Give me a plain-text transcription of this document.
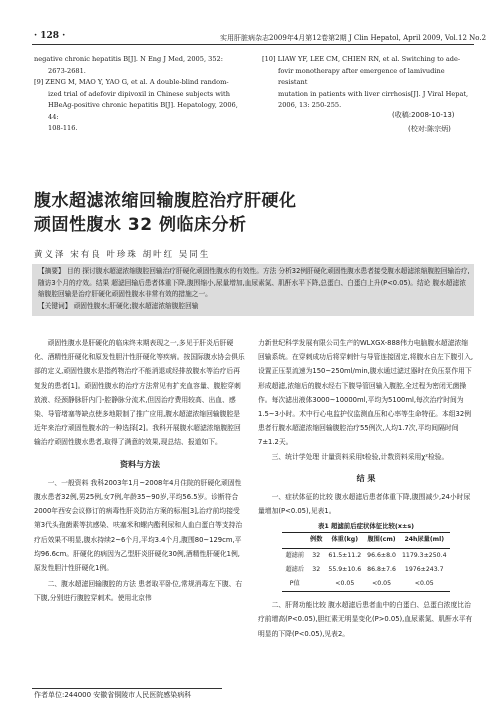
· 128 ·	实用肝脏病杂志2009年4月第12卷第2期 J Clin Hepatol, April 2009, Vol.12 No.2

negative chronic hepatitis B[J]. N Eng J Med, 2005, 352:

2673-2681.

[9] ZENG M, MAO Y, YAO G, et al. A double-blind random-

ized trial of adefovir dipivoxil in Chinese subjects with

HBeAg-positive chronic hepatitis B[J]. Hepatology, 2006, 44:

108-116.

[10] LIAW YF, LEE CM, CHIEN RN, et al. Switching to ade-

fovir monotherapy after emergence of lamivudine resistant

mutation in patients with liver cirrhosis[J]. J Viral Hepat,

2006, 13: 250-255.

(收稿:2008-10-13)
(校对:陈宗炳)
腹水超滤浓缩回输腹腔治疗肝硬化
顽固性腹水 32 例临床分析
黄义泽 宋有良 叶珍珠 胡叶红 吴同生
【摘要】 目的 探讨腹水超滤浓缩腹腔回输治疗肝硬化顽固性腹水的有效性。方法 分析32例肝硬化顽固性腹水患者接受腹水超滤浓缩腹腔回输治疗,随访3个月的疗效。结果 超滤回输后患者体重下降,腹围缩小,尿量增加,血尿素氮、肌酐水平下降,总蛋白、白蛋白上升(P<0.05)。结论 腹水超滤浓缩腹腔回输是治疗肝硬化顽固性腹水非常有效的措施之一。
【关键词】 顽固性腹水;肝硬化;腹水超滤浓缩腹腔回输

顽固性腹水是肝硬化的临床终末期表现之一,多见于肝炎后肝硬化、酒精性肝硬化和原发性胆汁性肝硬化等疾病。按国际腹水协会俱乐部的定义,顽固性腹水是指药物治疗不能消退或经排放腹水等治疗后再复发的患者[1]。顽固性腹水的治疗方法常见有扩充血容量、腹腔穿刺放液、经颈静脉肝内门-腔静脉分流术,但因治疗费用较高、出血、感染、导管堵塞等缺点使多地限制了推广应用,腹水超滤浓缩回输腹腔是近年来治疗顽固性腹水的一种选择[2]。我科开展腹水超滤浓缩腹腔回输治疗顽固性腹水患者,取得了满意的效果,现总结、报道如下。

资料与方法

一、一般资料 我科2003年1月~2008年4月住院的肝硬化顽固性腹水患者32例,男25例,女7例,年龄35~90岁,平均56.5岁。诊断符合2000年西安会议修订的病毒性肝炎防治方案的标准[3],治疗前均接受第3代头孢菌素等抗感染、呋塞米和螺内酯利尿和人血白蛋白等支持治疗后效果不明显,腹水持续2~6个月,平均3.4个月,腹围80~129cm,平均96.6cm。肝硬化的病因为乙型肝炎肝硬化30例,酒精性肝硬化1例,原发性胆汁性肝硬化1例。

二、腹水超滤回输腹腔的方法 患者取平卧位,常规消毒左下腹、右下腹,分别进行腹腔穿刺术。使用北京伟

作者单位:244000 安徽省铜陵市人民医院感染病科

力新世纪科学发展有限公司生产的WLXGX-888伟力电脑腹水超滤浓缩回输系统。在穿刺成功后将穿刺针与导管连接固定,将腹水自左下腹引入,设置正压泵流速为150~250ml/min,腹水通过滤过器时在负压泵作用下形成超滤,浓缩后的腹水经右下腹导管回输入腹腔,全过程为密闭无菌操作。每次滤出液体3000~10000ml,平均为5100ml,每次治疗时间为1.5~3小时。术中行心电监护仪监测血压和心率等生命特征。本组32例患者行腹水超滤浓缩回输腹腔治疗55例次,人均1.7次,平均间隔时间7±1.2天。

三、统计学处理 计量资料采用t检验,计数资料采用χ²检验。

结 果

一、症状体征的比较 腹水超滤后患者体重下降,腹围减少,24小时尿量增加(P<0.05),见表1。

表1 超滤前后症状体征比较(x±s)
	例数	体重(kg)	腹围(cm)	24h尿量(ml)
超滤前	32	61.5±11.2	96.6±8.0	1179.3±250.4
超滤后	32	55.9±10.6	86.8±7.6	1976±243.7
P值		<0.05	<0.05	<0.05

二、肝肾功能比较 腹水超滤后患者血中的白蛋白、总蛋白浓度比治疗前增高(P<0.05),胆红素无明显变化(P>0.05),血尿素氮、肌酐水平有明显的下降(P<0.05),见表2。
